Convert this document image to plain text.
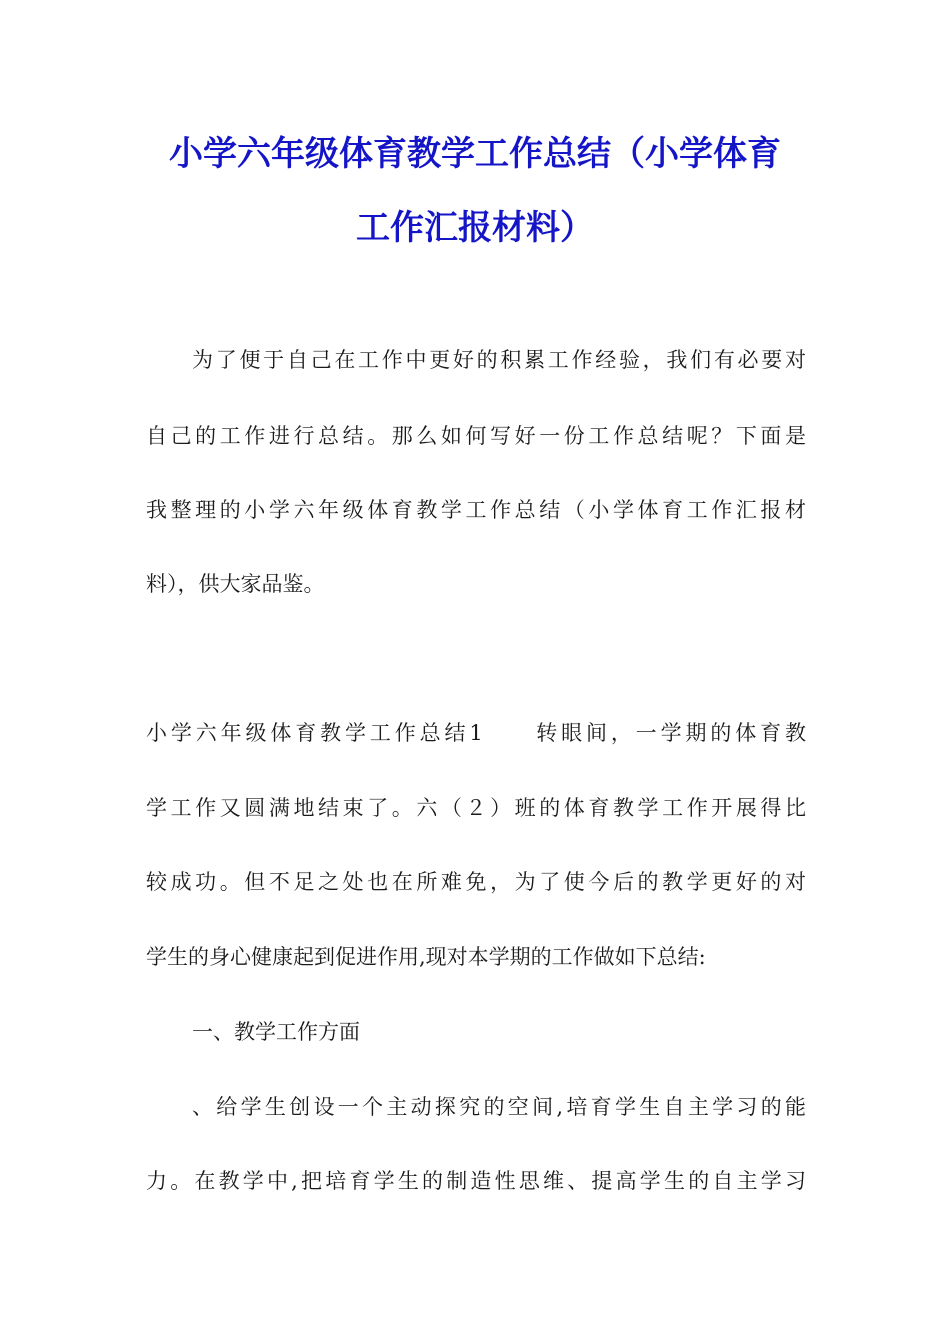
小学六年级体育教学工作总结（小学体育
工作汇报材料）
为了便于自己在工作中更好的积累工作经验，我们有必要对
自己的工作进行总结。那么如何写好一份工作总结呢？下面是
我整理的小学六年级体育教学工作总结（小学体育工作汇报材
料），供大家品鉴。
小学六年级体育教学工作总结1　　转眼间，一学期的体育教
学工作又圆满地结束了。六（２）班的体育教学工作开展得比
较成功。但不足之处也在所难免，为了使今后的教学更好的对
学生的身心健康起到促进作用,现对本学期的工作做如下总结:
一、教学工作方面
、给学生创设一个主动探究的空间,培育学生自主学习的能
力。在教学中,把培育学生的制造性思维、提高学生的自主学习
